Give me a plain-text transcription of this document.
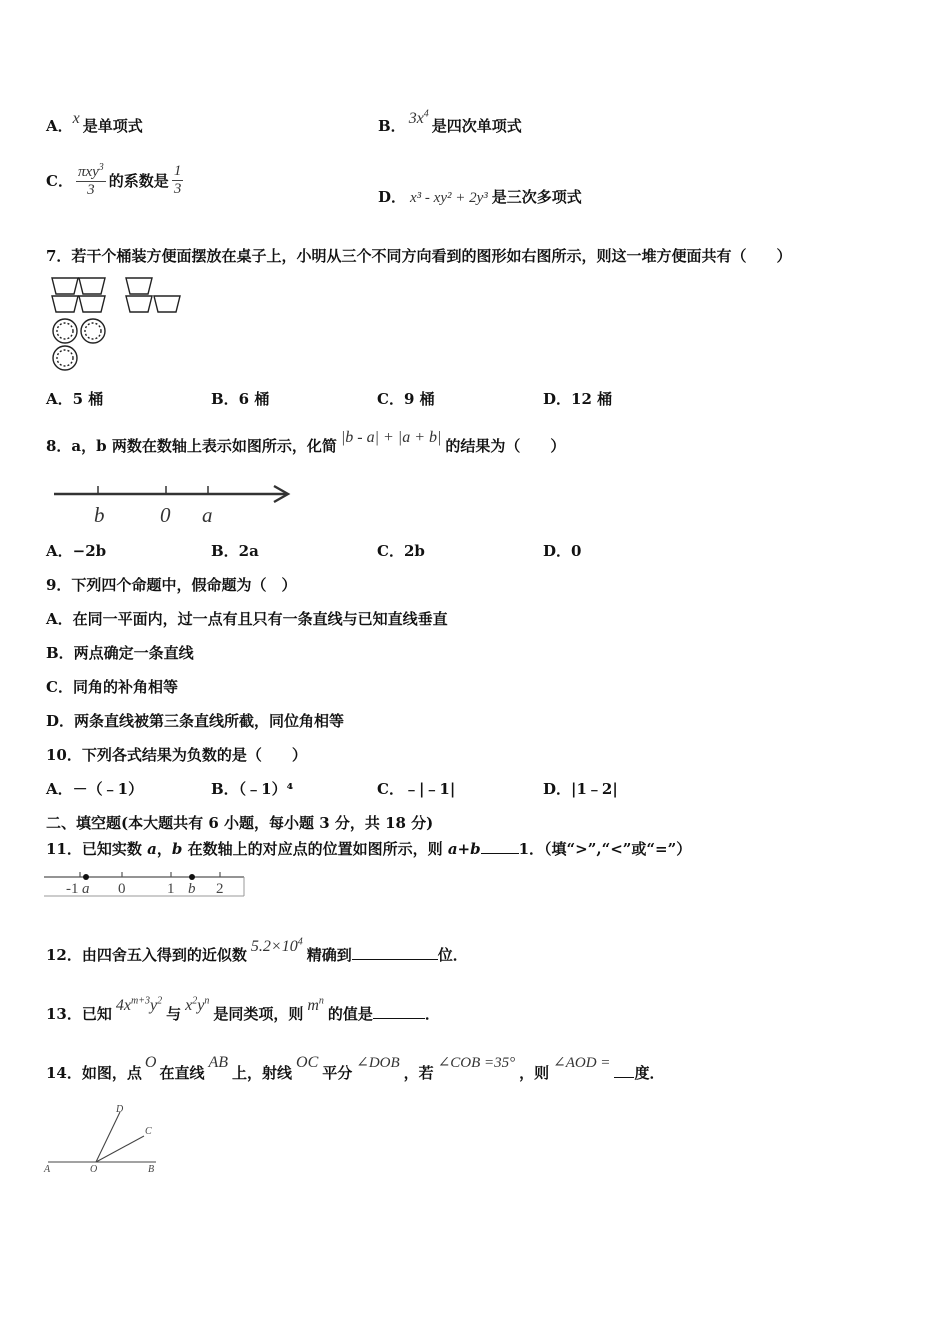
A．x 是单项式	B． $3x^4$是四次单项式
C． $\frac{\pi xy^3}{3}$ 的系数是 $\frac{1}{3}$	D． x³ - xy² + 2y³ 是三次多项式
7．若干个桶装方便面摆放在桌子上，小明从三个不同方向看到的图形如右图所示，则这一堆方便面共有（　　）
A．5 桶	B．6 桶	C．9 桶	D．12 桶
8．a，b 两数在数轴上表示如图所示，化简 |b - a| + |a + b| 的结果为（　　）
b	0 a
A．−2b	B．2a	C．2b	D．0
9．下列四个命题中，假命题为（　）
A．在同一平面内，过一点有且只有一条直线与已知直线垂直
B．两点确定一条直线
C．同角的补角相等
D．两条直线被第三条直线所截，同位角相等
10．下列各式结果为负数的是（　　）
A．－（﹣1）	B．（﹣1）⁴	C．﹣|﹣1|	D．|1﹣2|
二、填空题(本大题共有 6 小题，每小题 3 分，共 18 分)
11．已知实数 a，b 在数轴上的对应点的位置如图所示，则 a+b	1．（填“>”,“<”或“=”）
-1 a 0	1 b 2
12．由四舍五入得到的近似数 $5.2\times 10^4$精确到	位．
13．已知 $4x^{m+3}y^2$与 $x^2y^n$是同类项，则 $m^n$的值是	．
14．如图，点O在直线AB上，射线OC平分∠DOB，若∠COB =35°，则∠AOD =度．
D
C
A	O	B
